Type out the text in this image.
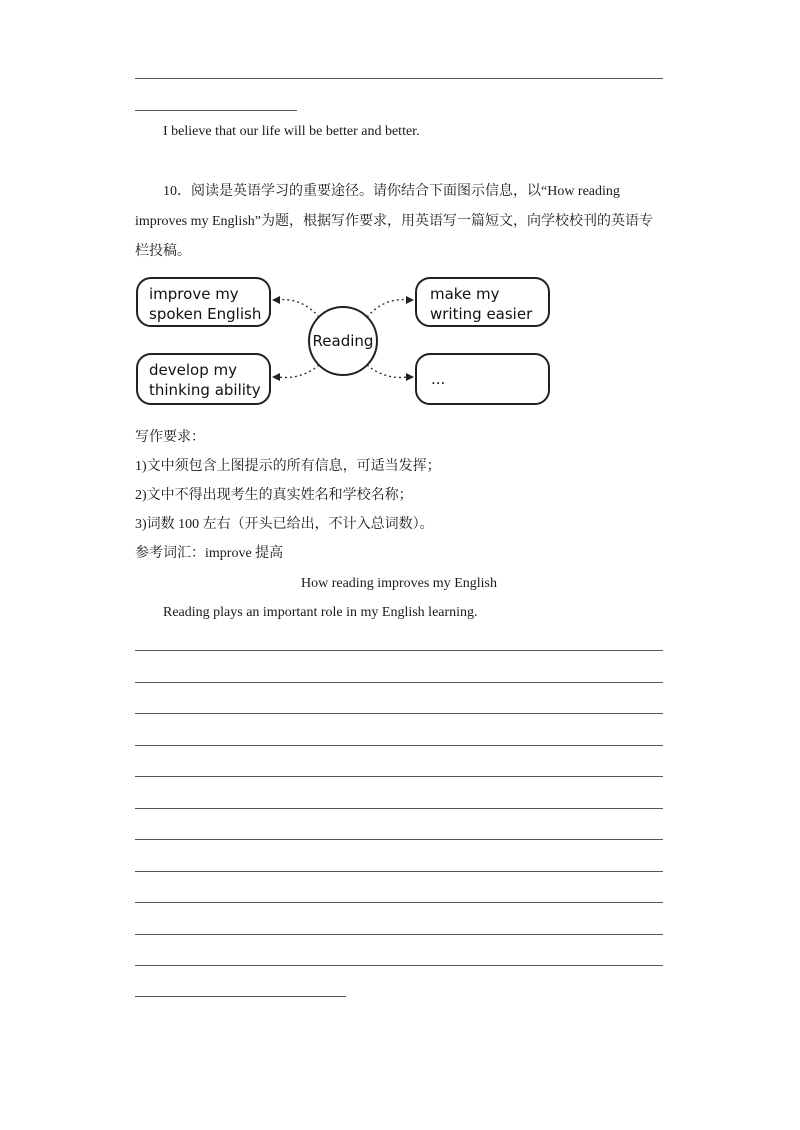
I believe that our life will be better and better.
10．阅读是英语学习的重要途径。请你结合下面图示信息，以“How reading improves my English”为题，根据写作要求，用英语写一篇短文，向学校校刊的英语专栏投稿。
Reading
improve my
spoken English
make my
writing easier
develop my
thinking ability
...
写作要求：
1)文中须包含上图提示的所有信息，可适当发挥；
2)文中不得出现考生的真实姓名和学校名称；
3)词数 100 左右（开头已给出，不计入总词数）。
参考词汇：improve 提高
How reading improves my English
Reading plays an important role in my English learning.
